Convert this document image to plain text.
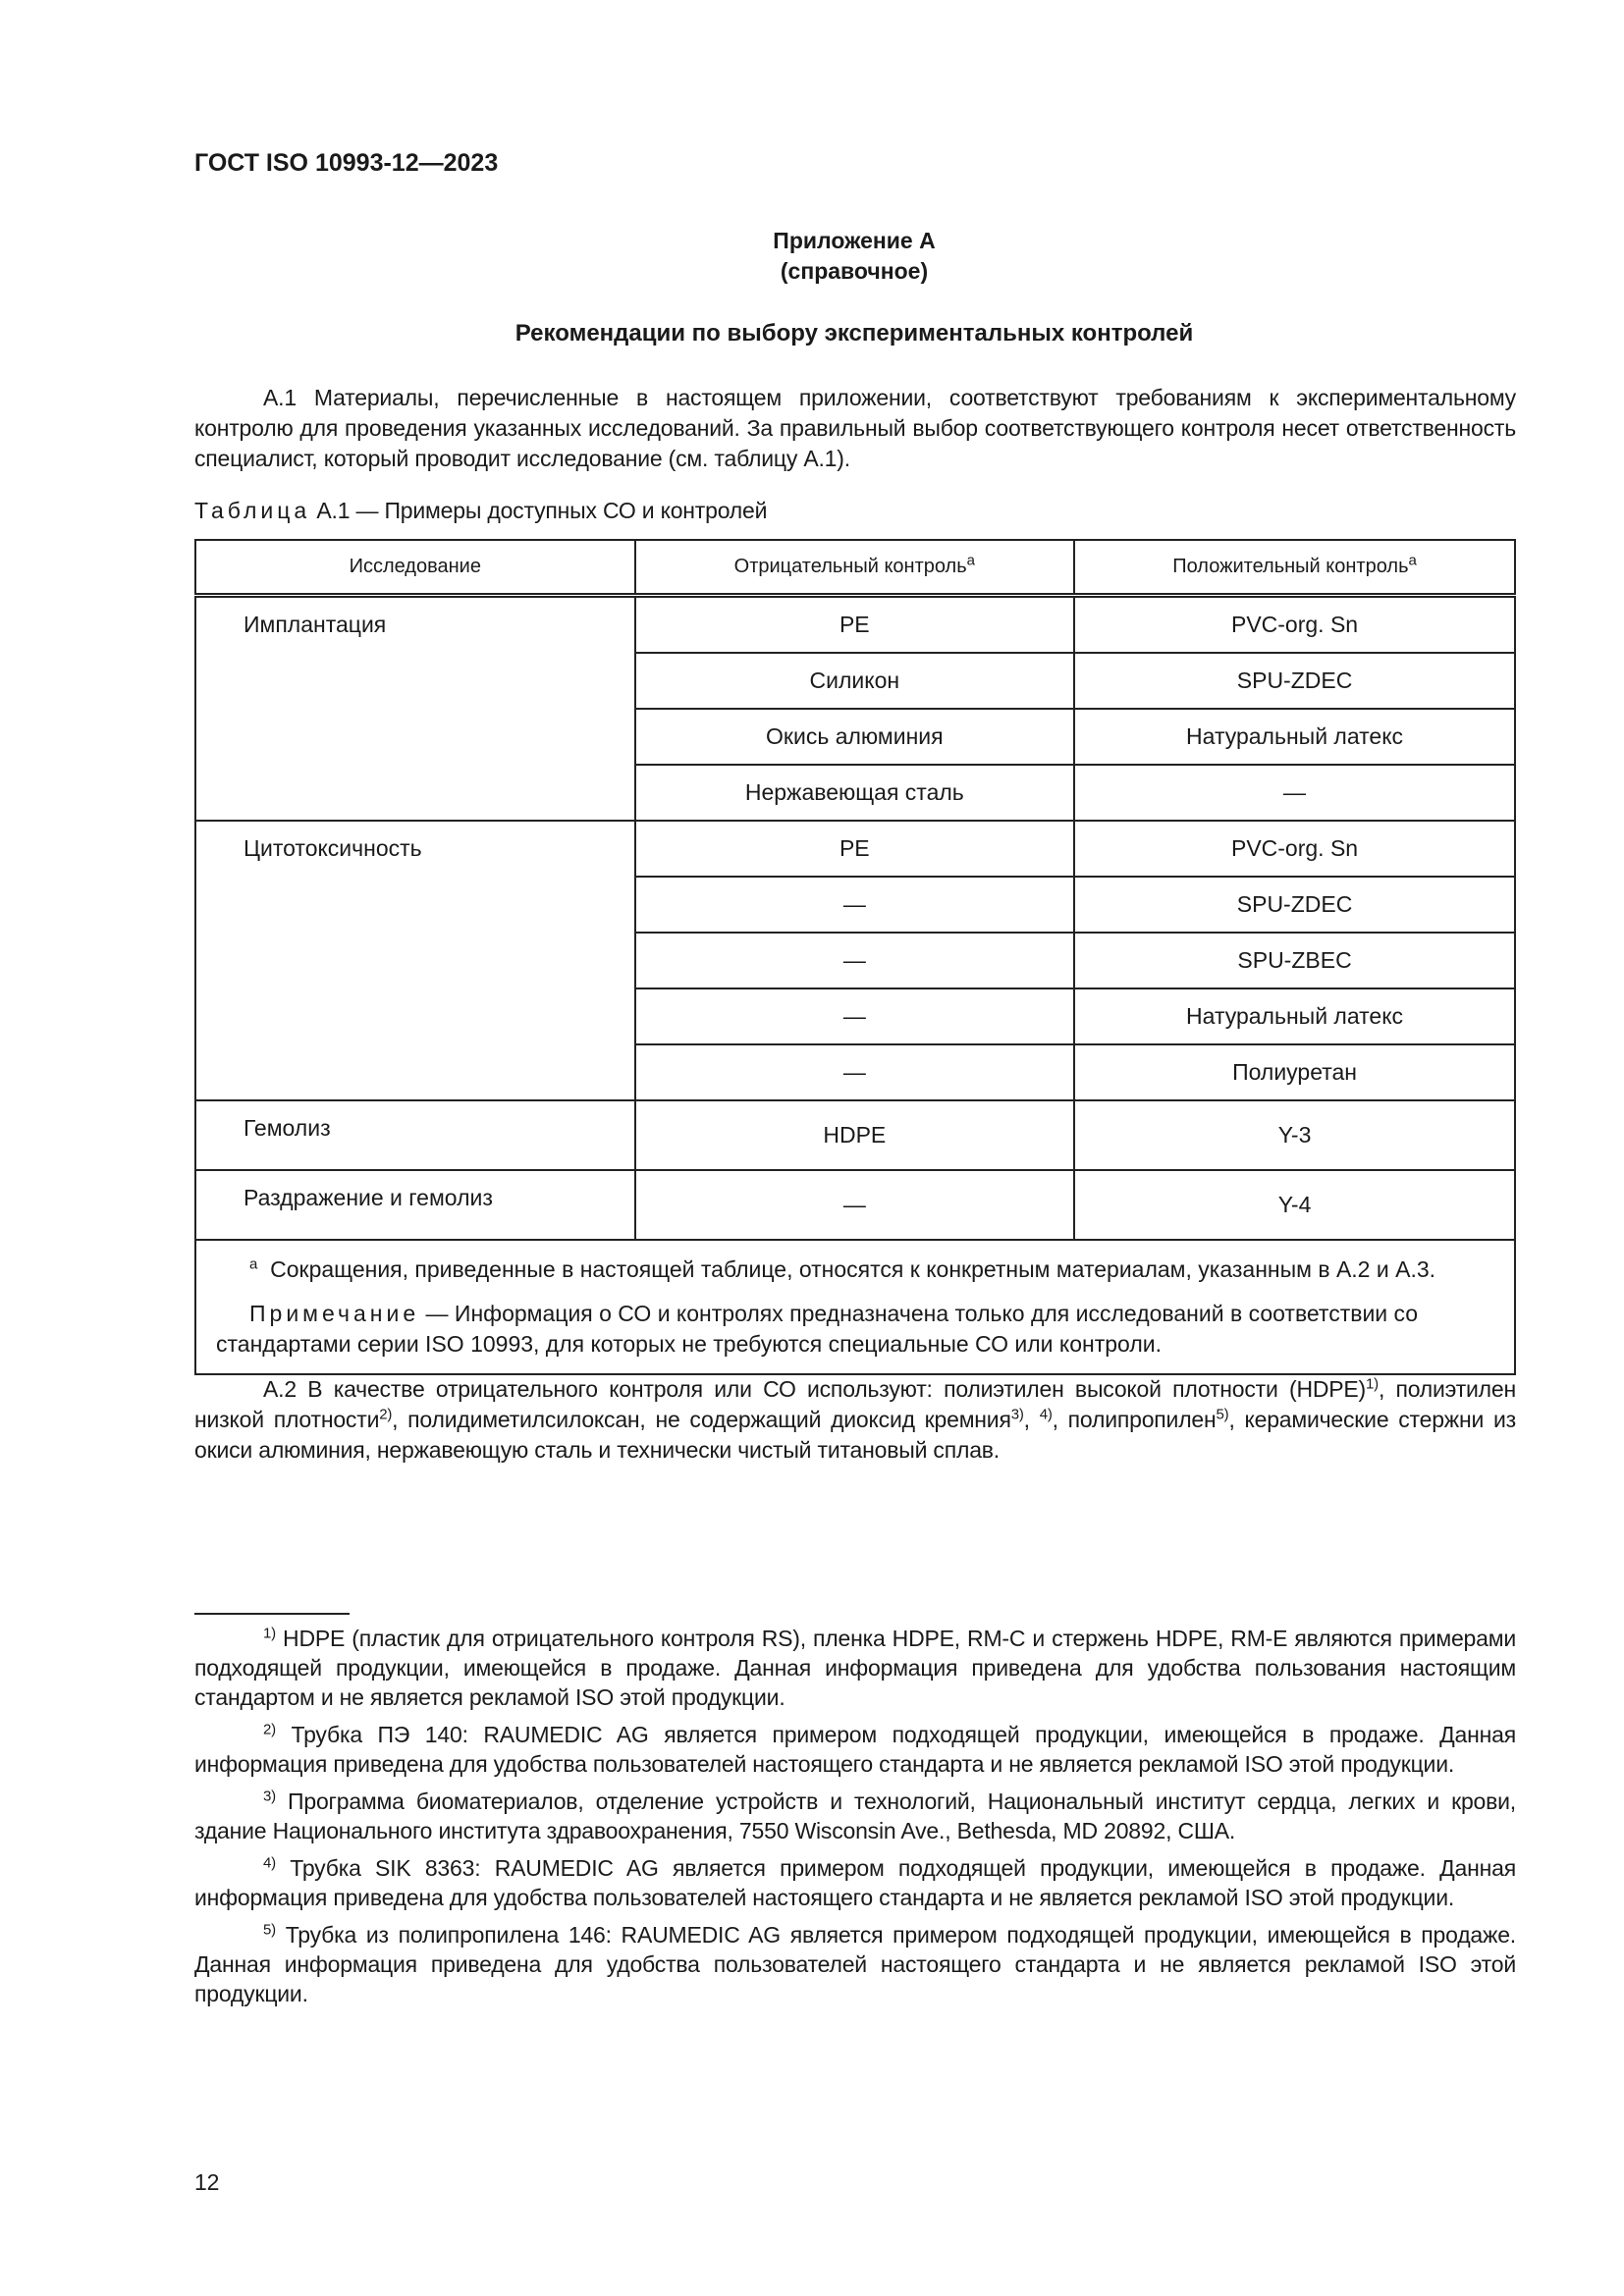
ГОСТ ISO 10993-12—2023
Приложение А
(справочное)
Рекомендации по выбору экспериментальных контролей
А.1 Материалы, перечисленные в настоящем приложении, соответствуют требованиям к экспериментальному контролю для проведения указанных исследований. За правильный выбор соответствующего контроля несет ответственность специалист, который проводит исследование (см. таблицу А.1).
Таблица А.1 — Примеры доступных СО и контролей
Исследование	Отрицательный контроль$^a$	Положительный контроль$^a$
Имплантация	PE	PVC-org. Sn
	Силикон	SPU-ZDEC
	Окись алюминия	Натуральный латекс
	Нержавеющая сталь	—
Цитотоксичность	PE	PVC-org. Sn
	—	SPU-ZDEC
	—	SPU-ZBEC
	—	Натуральный латекс
	—	Полиуретан
Гемолиз	HDPE	Y-3
Раздражение и гемолиз	—	Y-4

$^a$ Сокращения, приведенные в настоящей таблице, относятся к конкретным материалам, указанным в А.2 и А.3.

Примечание — Информация о СО и контролях предназначена только для исследований в соответствии со стандартами серии ISO 10993, для которых не требуются специальные СО или контроли.		

А.2 В качестве отрицательного контроля или СО используют: полиэтилен высокой плотности (HDPE)$^{1)}$, полиэтилен низкой плотности$^{2)}$, полидиметилсилоксан, не содержащий диоксид кремния$^{3)}$, $^{4)}$, полипропилен$^{5)}$, керамические стержни из окиси алюминия, нержавеющую сталь и технически чистый титановый сплав.

$^{1)}$ HDPE (пластик для отрицательного контроля RS), пленка HDPE, RM-C и стержень HDPE, RM-E являются примерами подходящей продукции, имеющейся в продаже. Данная информация приведена для удобства пользования настоящим стандартом и не является рекламой ISO этой продукции.

$^{2)}$ Трубка ПЭ 140: RAUMEDIC AG является примером подходящей продукции, имеющейся в продаже. Данная информация приведена для удобства пользователей настоящего стандарта и не является рекламой ISO этой продукции.

$^{3)}$ Программа биоматериалов, отделение устройств и технологий, Национальный институт сердца, легких и крови, здание Национального института здравоохранения, 7550 Wisconsin Ave., Bethesda, MD 20892, США.

$^{4)}$ Трубка SIK 8363: RAUMEDIC AG является примером подходящей продукции, имеющейся в продаже. Данная информация приведена для удобства пользователей настоящего стандарта и не является рекламой ISO этой продукции.

$^{5)}$ Трубка из полипропилена 146: RAUMEDIC AG является примером подходящей продукции, имеющейся в продаже. Данная информация приведена для удобства пользователей настоящего стандарта и не является рекламой ISO этой продукции.

12
